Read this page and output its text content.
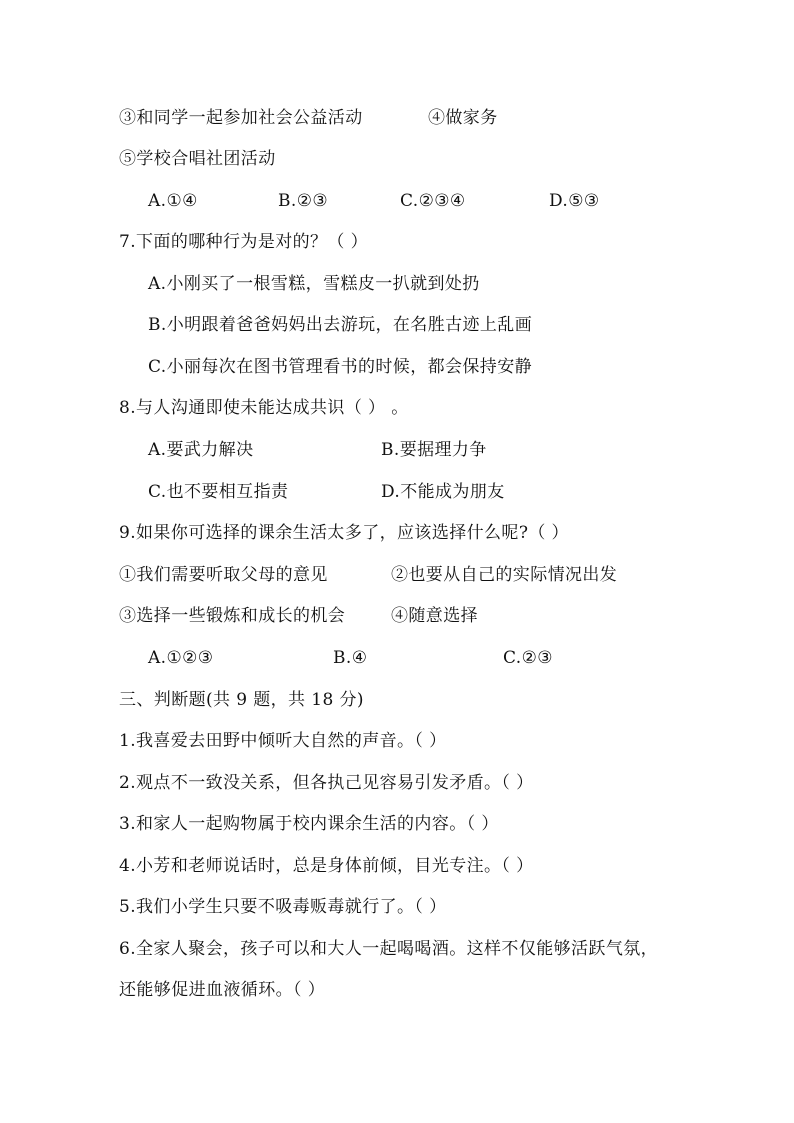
③和同学一起参加社会公益活动	④做家务
⑤学校合唱社团活动
A.①④	B.②③	C.②③④	D.⑤③
7.下面的哪种行为是对的？（ ）
A.小刚买了一根雪糕，雪糕皮一扒就到处扔
B.小明跟着爸爸妈妈出去游玩，在名胜古迹上乱画
C.小丽每次在图书管理看书的时候，都会保持安静
8.与人沟通即使未能达成共识（ ） 。
A.要武力解决	B.要据理力争
C.也不要相互指责	D.不能成为朋友
9.如果你可选择的课余生活太多了，应该选择什么呢?（ ）
①我们需要听取父母的意见	②也要从自己的实际情况出发
③选择一些锻炼和成长的机会	④随意选择
A.①②③	B.④	C.②③
三、判断题(共 9 题，共 18 分)
1.我喜爱去田野中倾听大自然的声音。（ ）
2.观点不一致没关系，但各执己见容易引发矛盾。（ ）
3.和家人一起购物属于校内课余生活的内容。（ ）
4.小芳和老师说话时，总是身体前倾，目光专注。（ ）
5.我们小学生只要不吸毒贩毒就行了。（ ）
6.全家人聚会，孩子可以和大人一起喝喝酒。这样不仅能够活跃气氛，
还能够促进血液循环。（ ）
